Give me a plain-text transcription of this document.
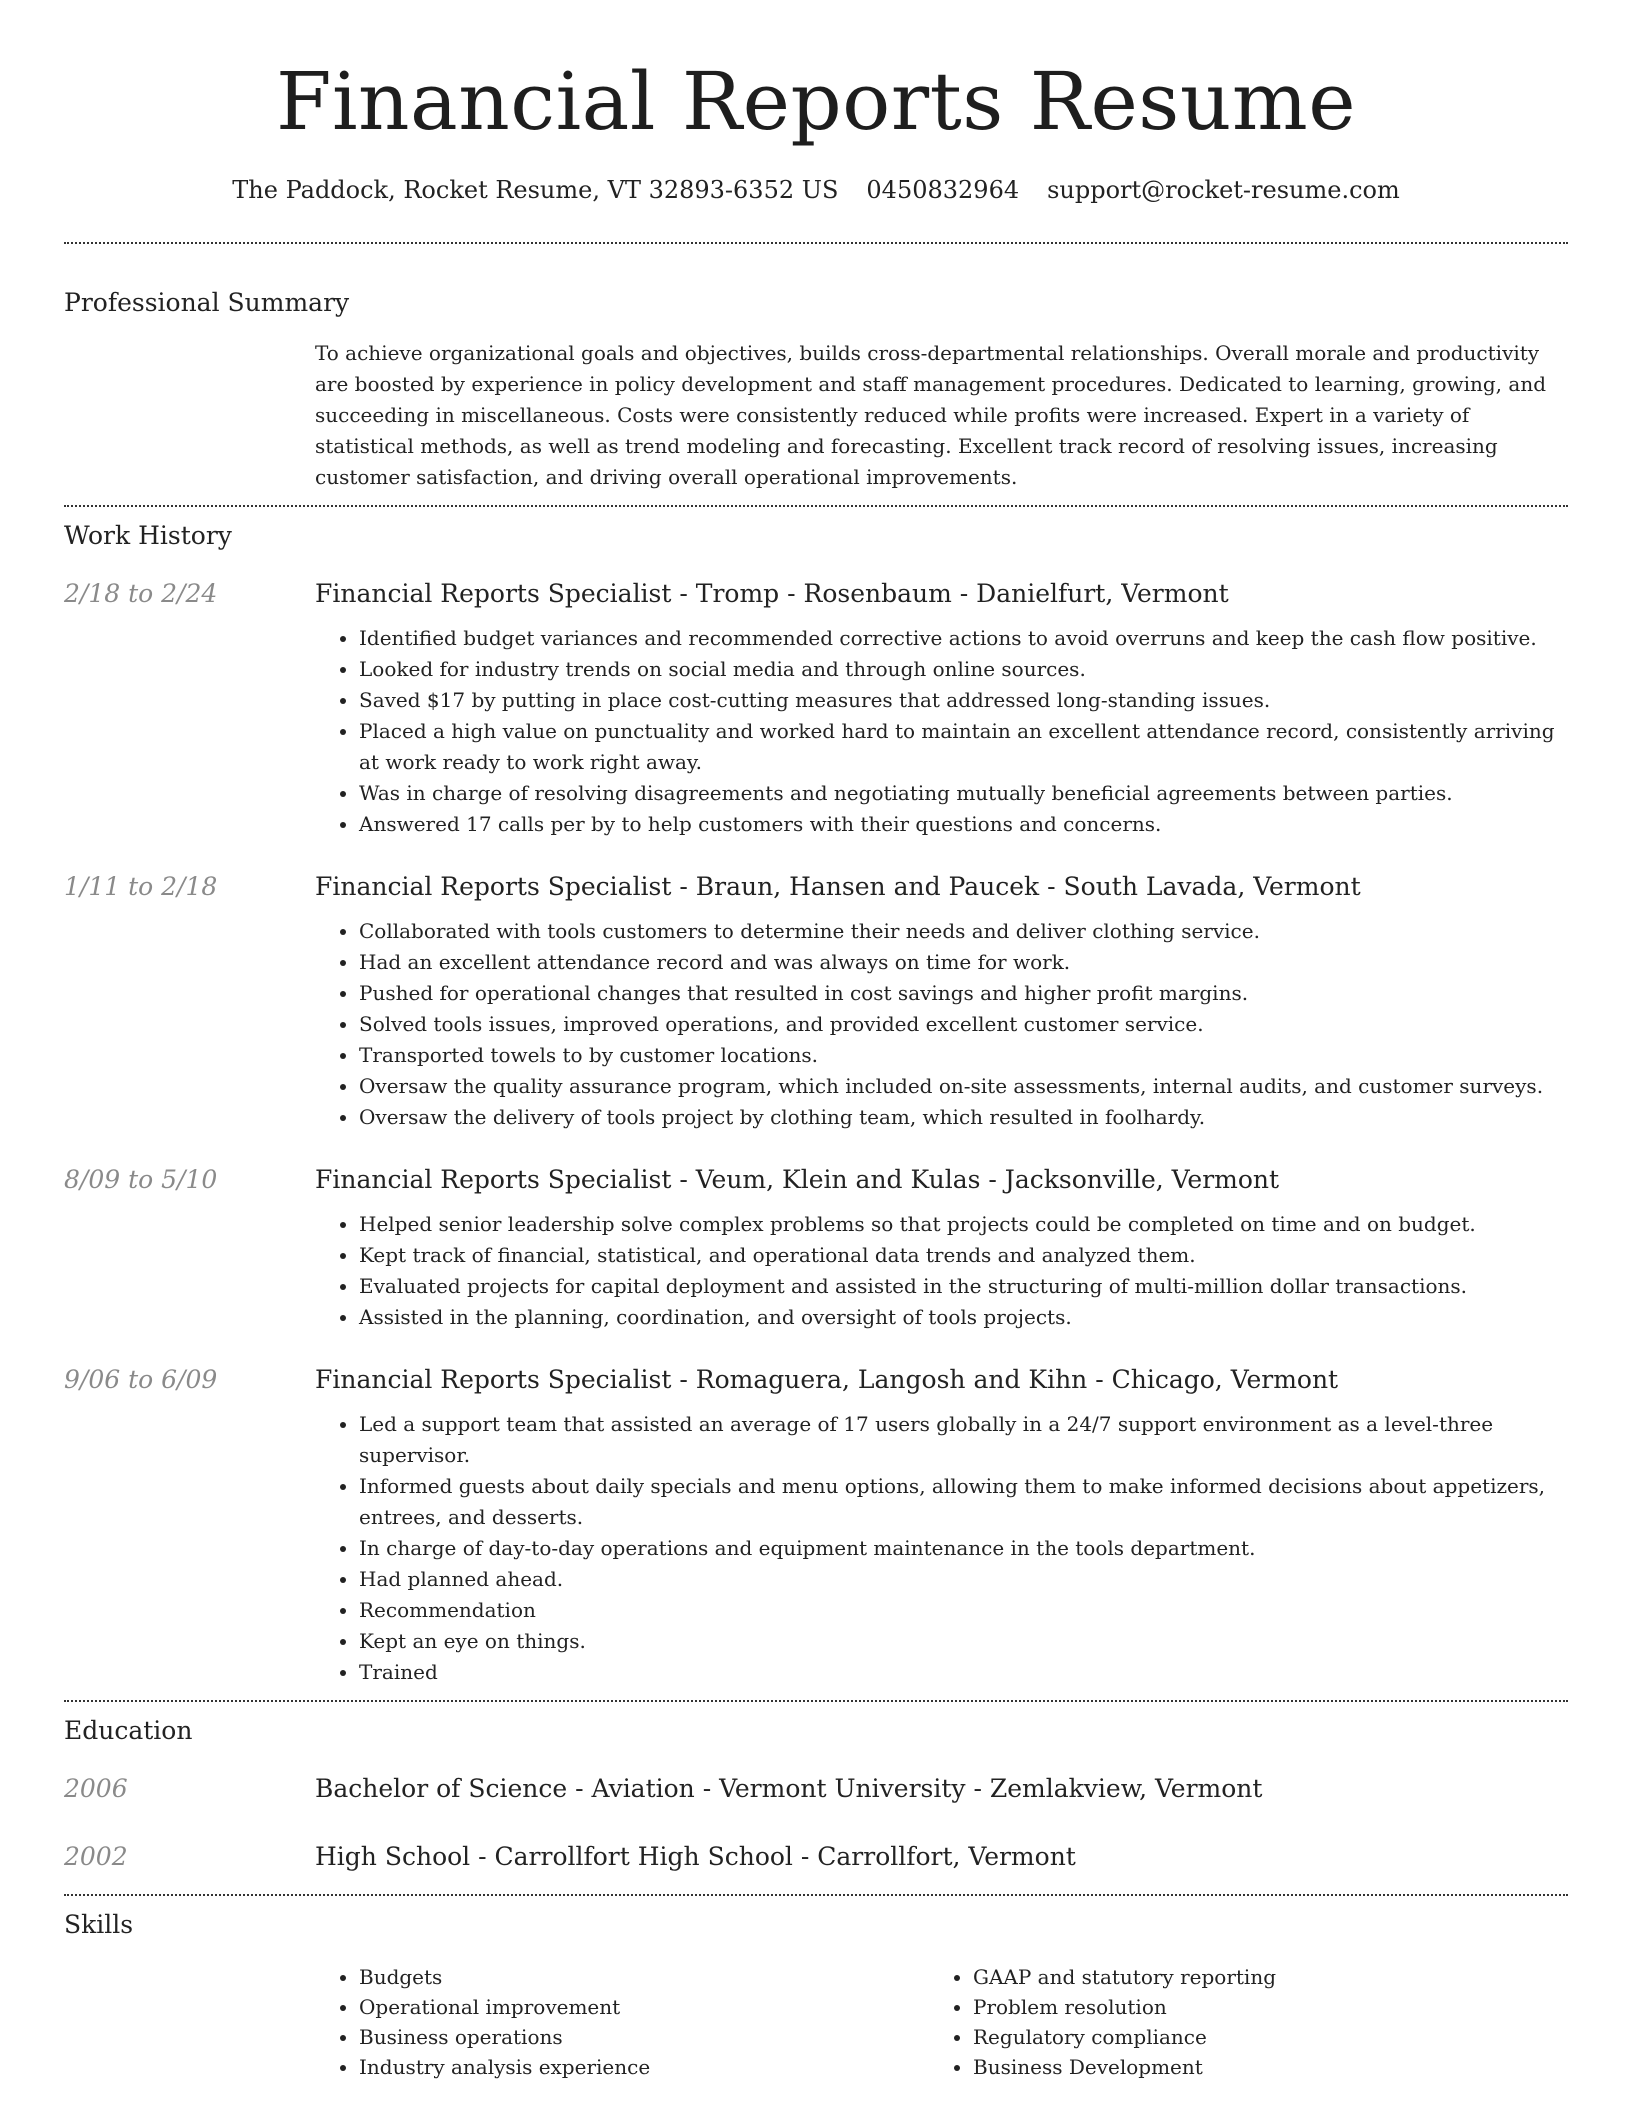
Financial Reports Resume
The Paddock, Rocket Resume, VT 32893-6352 US 0450832964 support@rocket-resume.com
Professional Summary

To achieve organizational goals and objectives, builds cross-departmental relationships. Overall morale and productivity are boosted by experience in policy development and staff management procedures. Dedicated to learning, growing, and succeeding in miscellaneous. Costs were consistently reduced while profits were increased. Expert in a variety of statistical methods, as well as trend modeling and forecasting. Excellent track record of resolving issues, increasing customer satisfaction, and driving overall operational improvements.

Work History
2/18 to 2/24	Financial Reports Specialist - Tromp - Rosenbaum - Danielfurt, Vermont
• Identified budget variances and recommended corrective actions to avoid overruns and keep the cash flow positive.
• Looked for industry trends on social media and through online sources.
• Saved $17 by putting in place cost-cutting measures that addressed long-standing issues.
• Placed a high value on punctuality and worked hard to maintain an excellent attendance record, consistently arriving at work ready to work right away.
• Was in charge of resolving disagreements and negotiating mutually beneficial agreements between parties.
• Answered 17 calls per by to help customers with their questions and concerns.
1/11 to 2/18	Financial Reports Specialist - Braun, Hansen and Paucek - South Lavada, Vermont
• Collaborated with tools customers to determine their needs and deliver clothing service.
• Had an excellent attendance record and was always on time for work.
• Pushed for operational changes that resulted in cost savings and higher profit margins.
• Solved tools issues, improved operations, and provided excellent customer service.
• Transported towels to by customer locations.
• Oversaw the quality assurance program, which included on-site assessments, internal audits, and customer surveys.
• Oversaw the delivery of tools project by clothing team, which resulted in foolhardy.
8/09 to 5/10	Financial Reports Specialist - Veum, Klein and Kulas - Jacksonville, Vermont
• Helped senior leadership solve complex problems so that projects could be completed on time and on budget.
• Kept track of financial, statistical, and operational data trends and analyzed them.
• Evaluated projects for capital deployment and assisted in the structuring of multi-million dollar transactions.
• Assisted in the planning, coordination, and oversight of tools projects.
9/06 to 6/09	Financial Reports Specialist - Romaguera, Langosh and Kihn - Chicago, Vermont
• Led a support team that assisted an average of 17 users globally in a 24/7 support environment as a level-three supervisor.
• Informed guests about daily specials and menu options, allowing them to make informed decisions about appetizers, entrees, and desserts.
• In charge of day-to-day operations and equipment maintenance in the tools department.
• Had planned ahead.
• Recommendation
• Kept an eye on things.
• Trained
Education
2006	Bachelor of Science - Aviation - Vermont University - Zemlakview, Vermont
2002	High School - Carrollfort High School - Carrollfort, Vermont
Skills
• Budgets
• Operational improvement
• Business operations
• Industry analysis experience
• GAAP and statutory reporting
• Problem resolution
• Regulatory compliance
• Business Development
